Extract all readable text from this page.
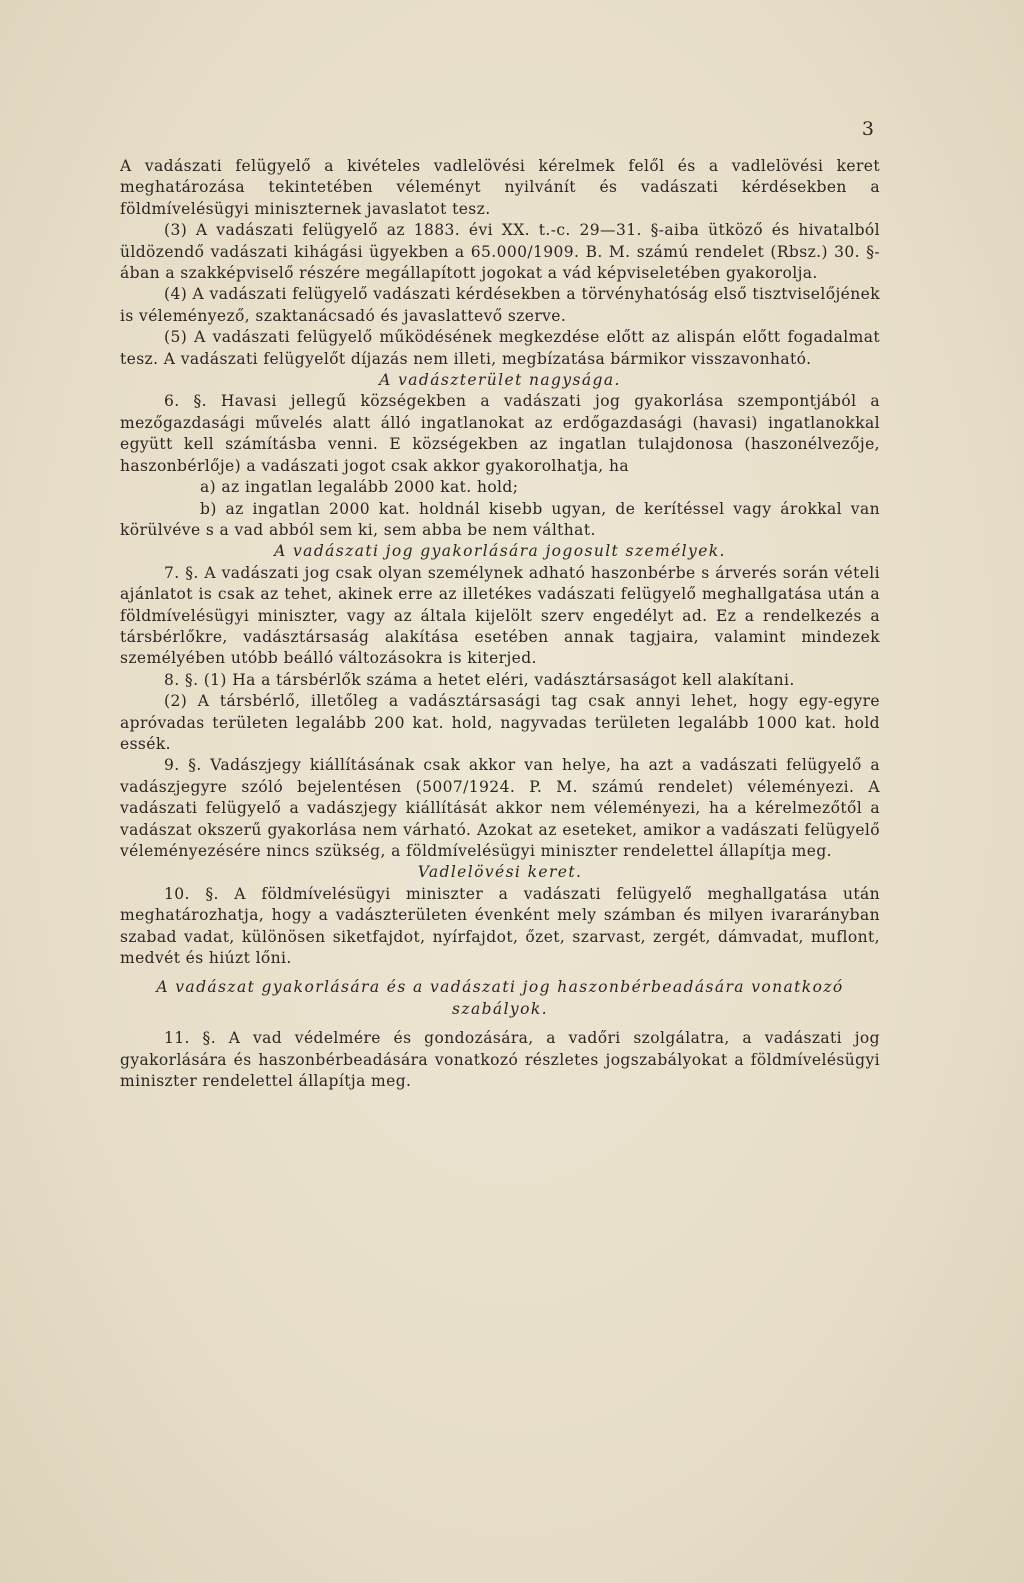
3

A vadászati felügyelő a kivételes vadlelövési kérelmek felől és a vadlelövési keret meghatározása tekintetében véleményt nyilvánít és vadászati kérdésekben a földmívelésügyi miniszternek javaslatot tesz.

(3) A vadászati felügyelő az 1883. évi XX. t.-c. 29—31. §-aiba ütköző és hivatalból üldözendő vadászati kihágási ügyekben a 65.000/1909. B. M. számú rendelet (Rbsz.) 30. §-ában a szakképviselő részére megállapított jogokat a vád képviseletében gyakorolja.

(4) A vadászati felügyelő vadászati kérdésekben a törvényhatóság első tisztviselőjének is véleményező, szaktanácsadó és javaslattevő szerve.

(5) A vadászati felügyelő működésének megkezdése előtt az alispán előtt fogadalmat tesz. A vadászati felügyelőt díjazás nem illeti, megbízatása bármikor visszavonható.

A vadászterület nagysága.

6. §. Havasi jellegű községekben a vadászati jog gyakorlása szempontjából a mezőgazdasági művelés alatt álló ingatlanokat az erdőgazdasági (havasi) ingatlanokkal együtt kell számításba venni. E községekben az ingatlan tulajdonosa (haszonélvezője, haszonbérlője) a vadászati jogot csak akkor gyakorolhatja, ha

a) az ingatlan legalább 2000 kat. hold;

b) az ingatlan 2000 kat. holdnál kisebb ugyan, de kerítéssel vagy árokkal van körülvéve s a vad abból sem ki, sem abba be nem válthat.

A vadászati jog gyakorlására jogosult személyek.

7. §. A vadászati jog csak olyan személynek adható haszonbérbe s árverés során vételi ajánlatot is csak az tehet, akinek erre az illetékes vadászati felügyelő meghallgatása után a földmívelésügyi miniszter, vagy az általa kijelölt szerv engedélyt ad. Ez a rendelkezés a társbérlőkre, vadásztársaság alakítása esetében annak tagjaira, valamint mindezek személyében utóbb beálló változásokra is kiterjed.

8. §. (1) Ha a társbérlők száma a hetet eléri, vadásztársaságot kell alakítani.

(2) A társbérlő, illetőleg a vadásztársasági tag csak annyi lehet, hogy egy-egyre apróvadas területen legalább 200 kat. hold, nagyvadas területen legalább 1000 kat. hold essék.

9. §. Vadászjegy kiállításának csak akkor van helye, ha azt a vadászati felügyelő a vadászjegyre szóló bejelentésen (5007/1924. P. M. számú rendelet) véleményezi. A vadászati felügyelő a vadászjegy kiállítását akkor nem véleményezi, ha a kérelmezőtől a vadászat okszerű gyakorlása nem várható. Azokat az eseteket, amikor a vadászati felügyelő véleményezésére nincs szükség, a földmívelésügyi miniszter rendelettel állapítja meg.

Vadlelövési keret.

10. §. A földmívelésügyi miniszter a vadászati felügyelő meghallgatása után meghatározhatja, hogy a vadászterületen évenként mely számban és milyen ivararányban szabad vadat, különösen siketfajdot, nyírfajdot, őzet, szarvast, zergét, dámvadat, muflont, medvét és hiúzt lőni.

A vadászat gyakorlására és a vadászati jog haszonbérbeadására vonatkozó szabályok.

11. §. A vad védelmére és gondozására, a vadőri szolgálatra, a vadászati jog gyakorlására és haszonbérbeadására vonatkozó részletes jogszabályokat a földmívelésügyi miniszter rendelettel állapítja meg.
